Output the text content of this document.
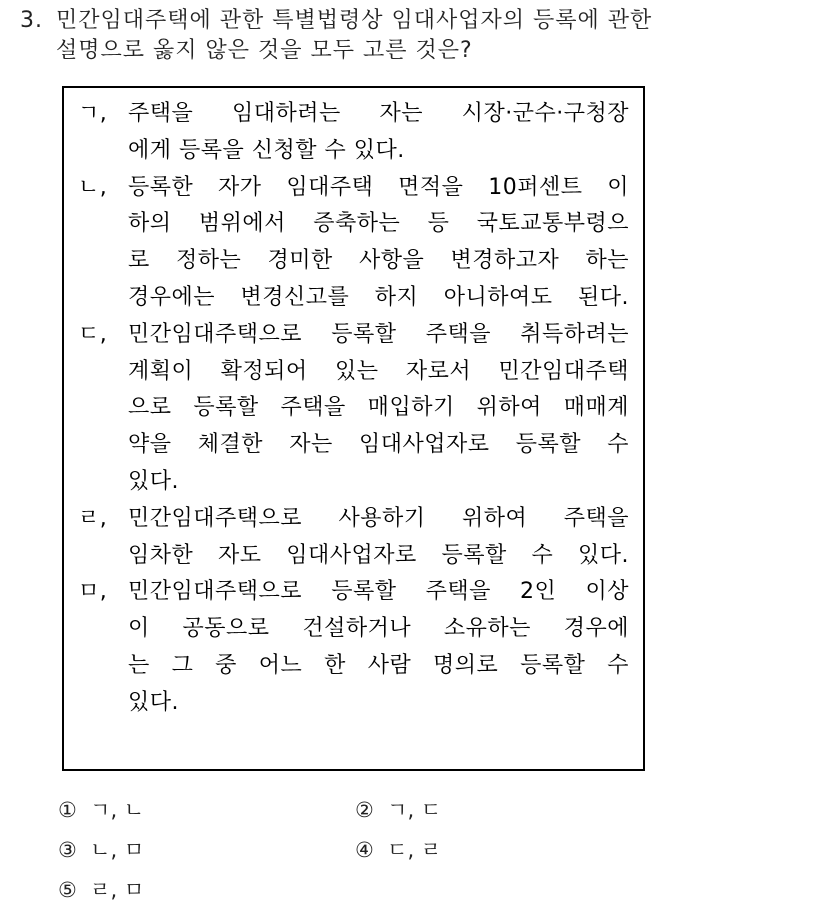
3. 민간임대주택에 관한 특별법령상 임대사업자의 등록에 관한
설명으로 옳지 않은 것을 모두 고른 것은?
ㄱ, 주택을 임대하려는 자는 시장·군수·구청장
에게 등록을 신청할 수 있다.
ㄴ, 등록한 자가 임대주택 면적을 10퍼센트 이
하의 범위에서 증축하는 등 국토교통부령으
로 정하는 경미한 사항을 변경하고자 하는
경우에는 변경신고를 하지 아니하여도 된다.
ㄷ, 민간임대주택으로 등록할 주택을 취득하려는
계획이 확정되어 있는 자로서 민간임대주택
으로 등록할 주택을 매입하기 위하여 매매계
약을 체결한 자는 임대사업자로 등록할 수
있다.
ㄹ, 민간임대주택으로 사용하기 위하여 주택을
임차한 자도 임대사업자로 등록할 수 있다.
ㅁ, 민간임대주택으로 등록할 주택을 2인 이상
이 공동으로 건설하거나 소유하는 경우에
는 그 중 어느 한 사람 명의로 등록할 수
있다.
①  ㄱ, ㄴ	②  ㄱ, ㄷ
③  ㄴ, ㅁ	④  ㄷ, ㄹ
⑤  ㄹ, ㅁ
